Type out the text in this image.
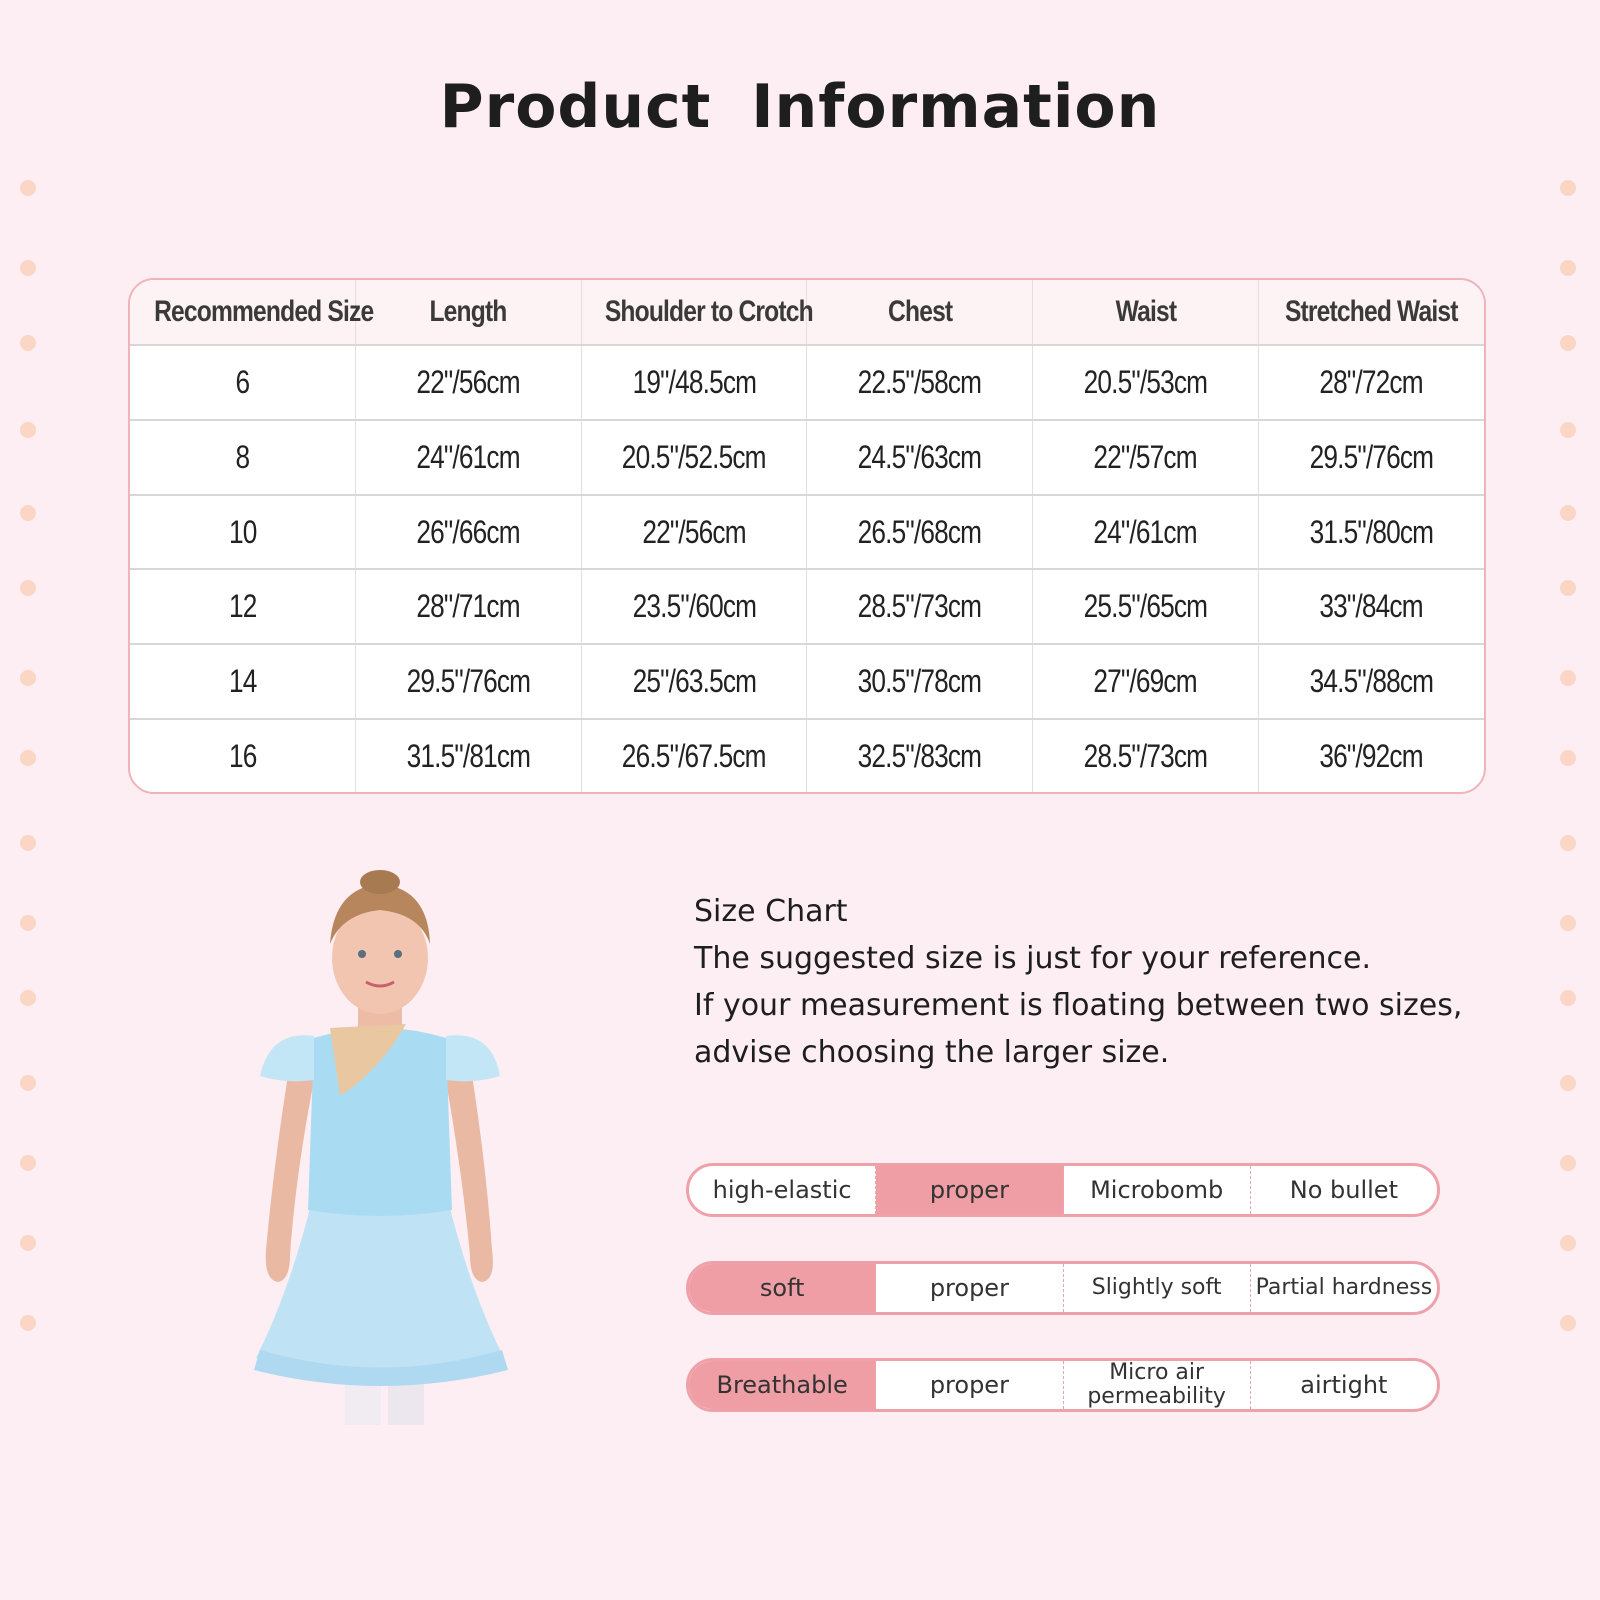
Product Information
Recommended Size	Length	Shoulder to Crotch	Chest	Waist	Stretched Waist
6	22"/56cm	19"/48.5cm	22.5"/58cm	20.5"/53cm	28"/72cm
8	24"/61cm	20.5"/52.5cm	24.5"/63cm	22"/57cm	29.5"/76cm
10	26"/66cm	22"/56cm	26.5"/68cm	24"/61cm	31.5"/80cm
12	28"/71cm	23.5"/60cm	28.5"/73cm	25.5"/65cm	33"/84cm
14	29.5"/76cm	25"/63.5cm	30.5"/78cm	27"/69cm	34.5"/88cm
16	31.5"/81cm	26.5"/67.5cm	32.5"/83cm	28.5"/73cm	36"/92cm
Size Chart
The suggested size is just for your reference.
If your measurement is floating between two sizes,
advise choosing the larger size.
high-elastic	proper	Microbomb	No bullet
soft	proper	Slightly soft	Partial hardness
Breathable	proper	Micro air permeability	airtight
